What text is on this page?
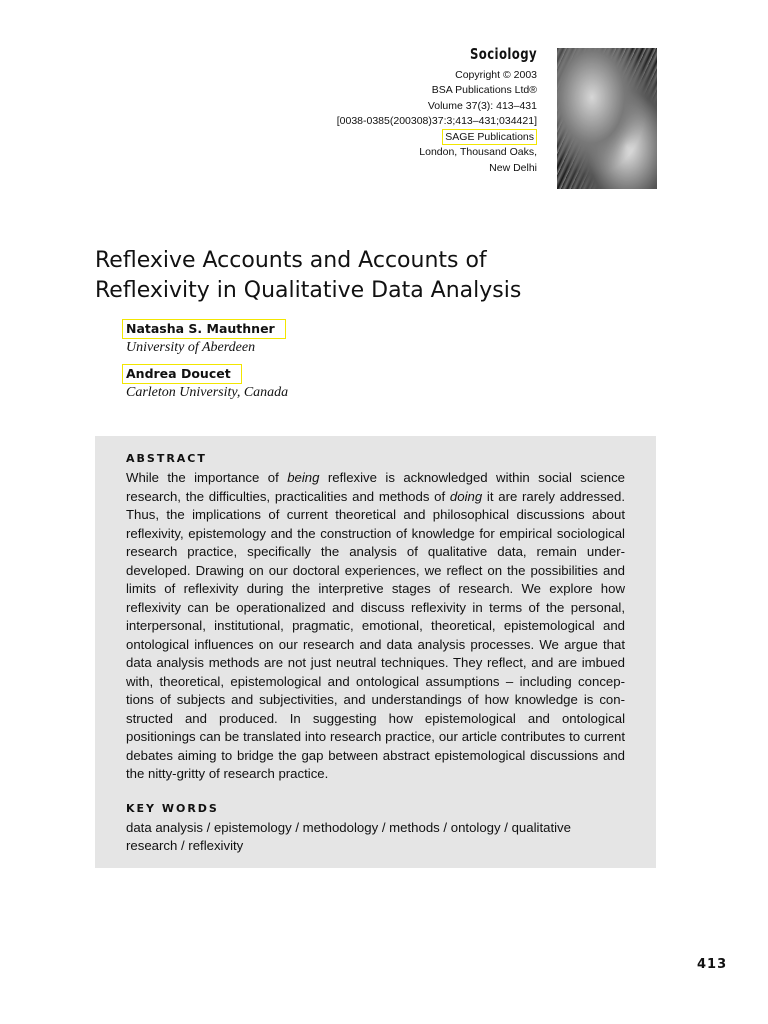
Sociology
Copyright © 2003
BSA Publications Ltd®
Volume 37(3): 413–431
[0038-0385(200308)37:3;413–431;034421]
SAGE Publications
London, Thousand Oaks,
New Delhi
Reflexive Accounts and Accounts of
Reflexivity in Qualitative Data Analysis
Natasha S. Mauthner
University of Aberdeen
Andrea Doucet
Carleton University, Canada
ABSTRACT

While the importance of being reflexive is acknowledged within social science research, the difficulties, practicalities and methods of doing it are rarely addressed. Thus, the implications of current theoretical and philosophical discussions about reflexivity, epistemology and the construction of knowledge for empirical sociological research practice, specifically the analysis of qualitative data, remain underdeveloped. Drawing on our doctoral experiences, we reflect on the possibilities and limits of reflexivity during the interpretive stages of research. We explore how reflexivity can be operationalized and discuss reflexivity in terms of the personal, interpersonal, institutional, pragmatic, emotional, theoretical, epistemological and ontological influences on our research and data analysis processes. We argue that data analysis methods are not just neutral techniques. They reflect, and are imbued with, theoretical, epistemological and ontological assumptions – including conceptions of subjects and subjectivities, and understandings of how knowledge is constructed and produced. In suggesting how epistemological and ontological positionings can be translated into research practice, our article contributes to current debates aiming to bridge the gap between abstract epistemological discussions and the nitty-gritty of research practice.

KEY WORDS

data analysis / epistemology / methodology / methods / ontology / qualitative research / reflexivity

413
